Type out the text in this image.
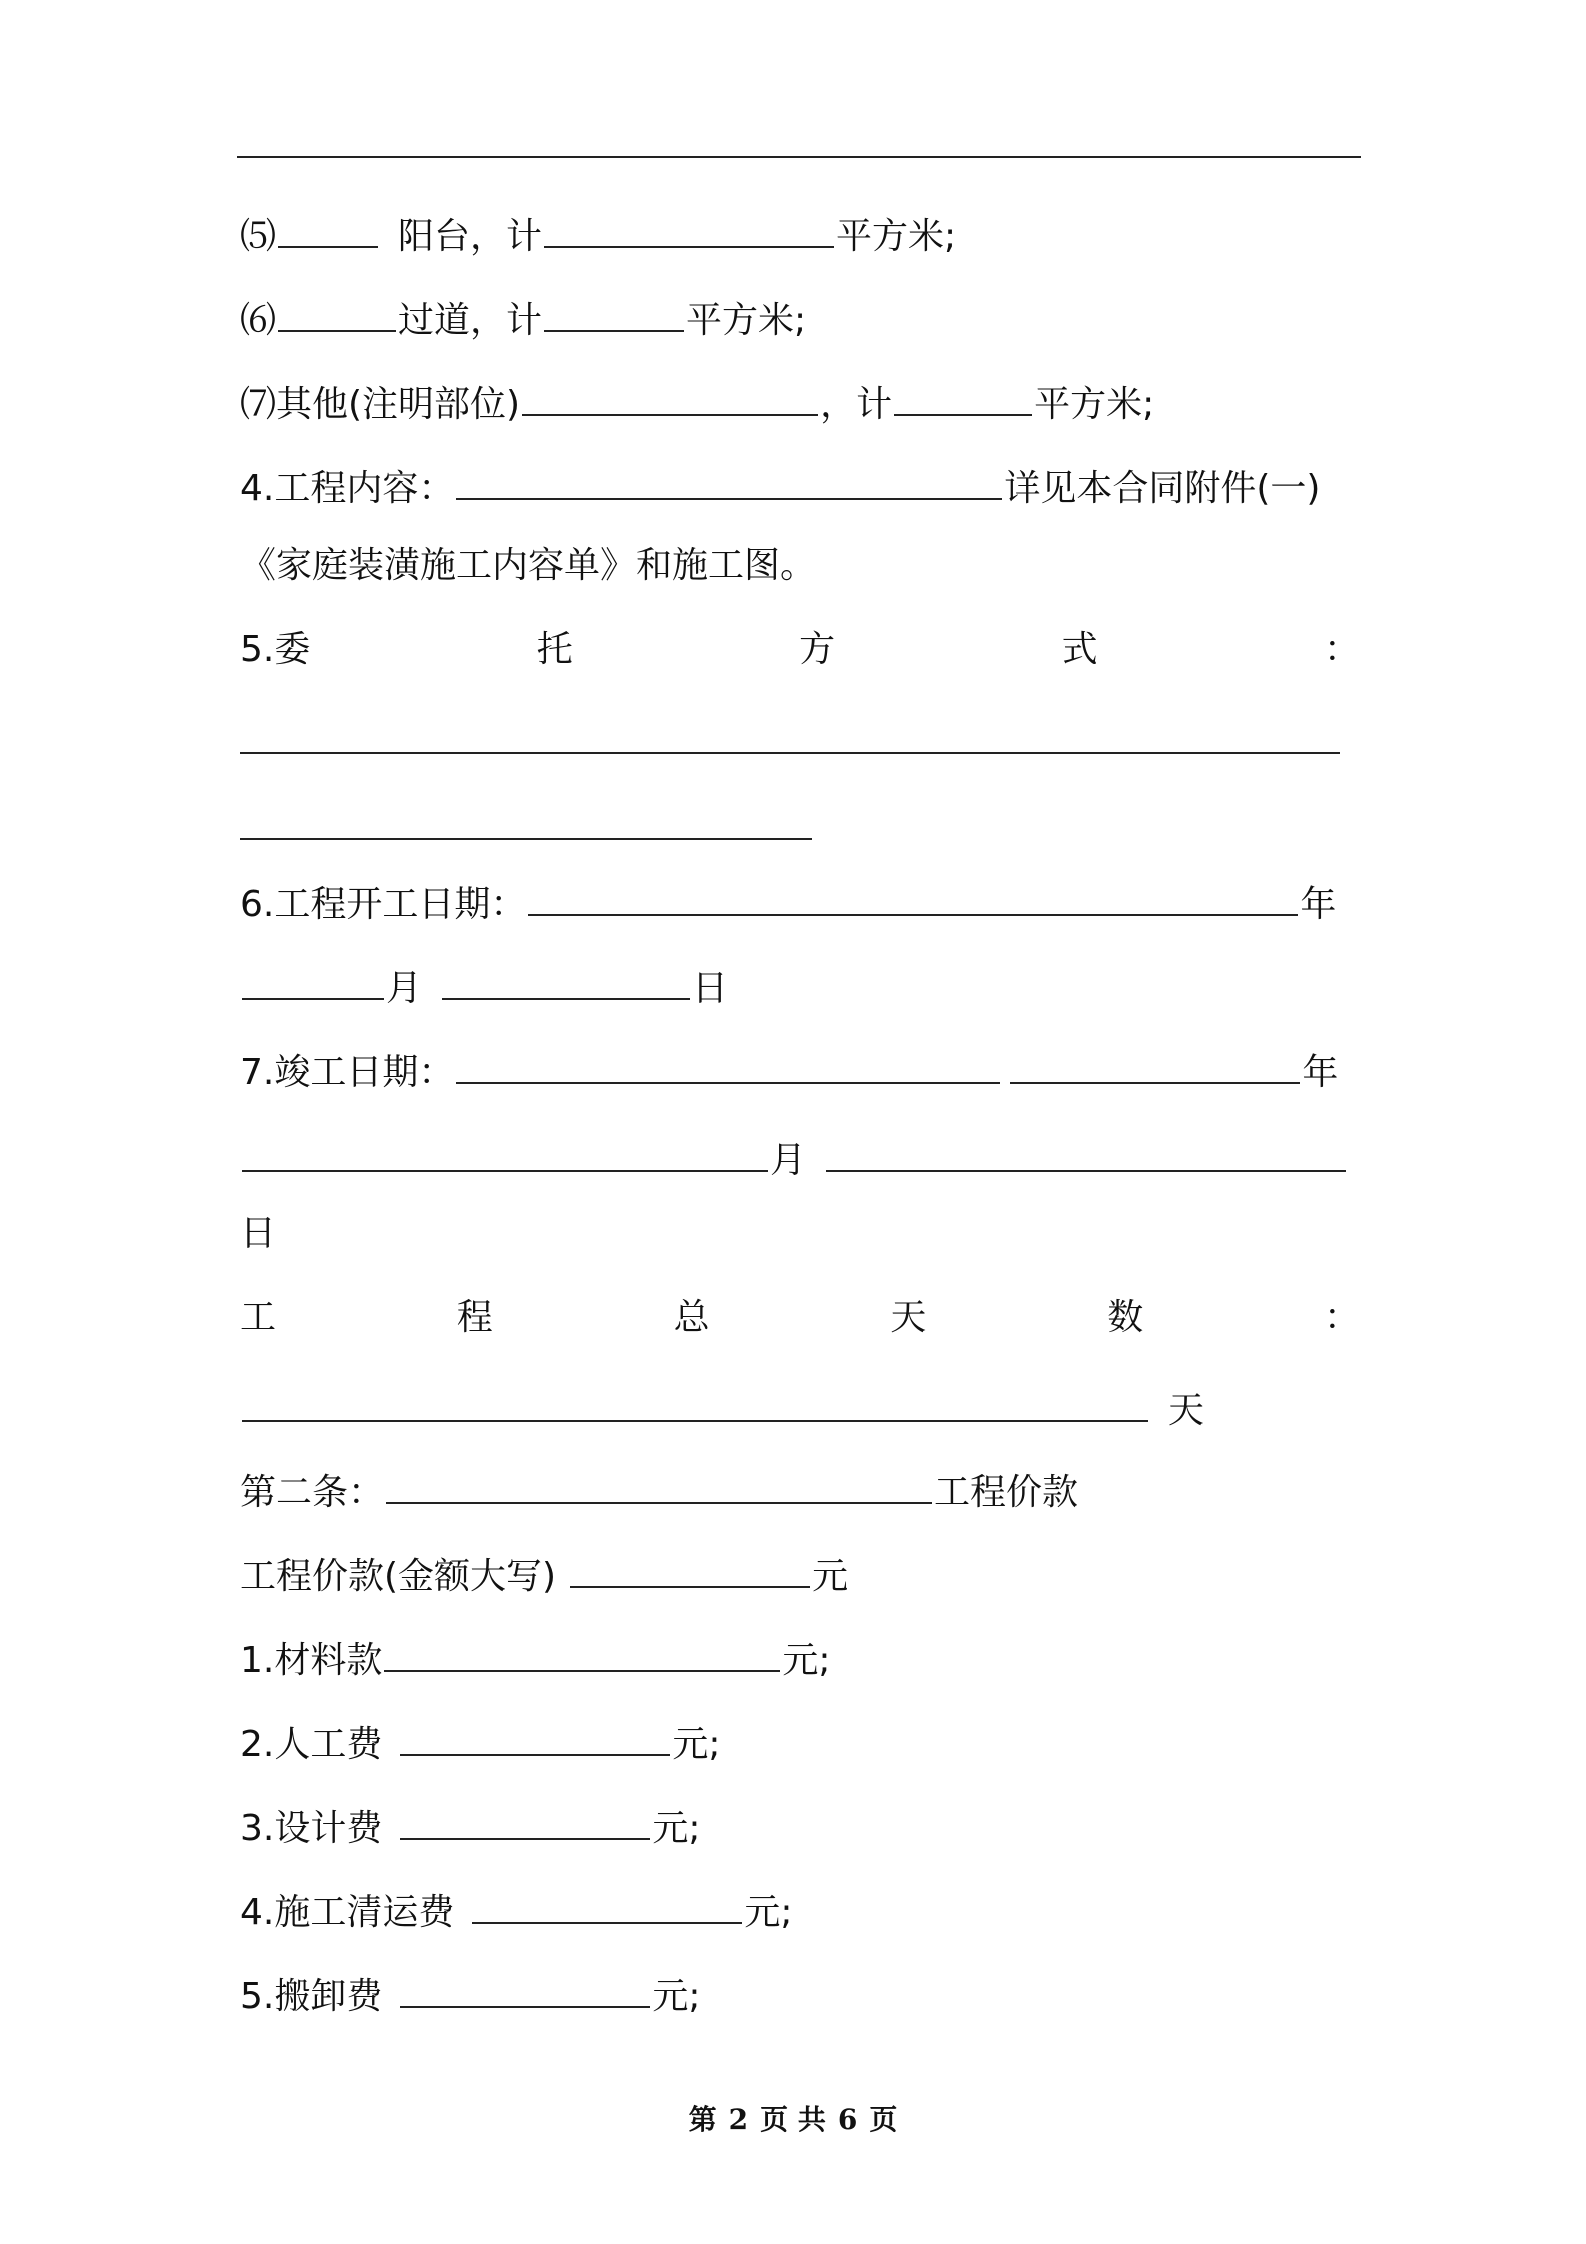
⑸	阳台，计	平方米;
⑹	过道，计	平方米;
⑺其他(注明部位)	，计	平方米;
4.工程内容：	详见本合同附件(一)
《家庭装潢施工内容单》和施工图。
5.委	托	方	式	：
6.工程开工日期：	年
月	日
7.竣工日期：	年
月
日
工	程	总	天	数	：
天
第二条：	工程价款
工程价款(金额大写)	元
1.材料款	元;
2.人工费	元;
3.设计费	元;
4.施工清运费	元;
5.搬卸费	元;
第 2 页 共 6 页
